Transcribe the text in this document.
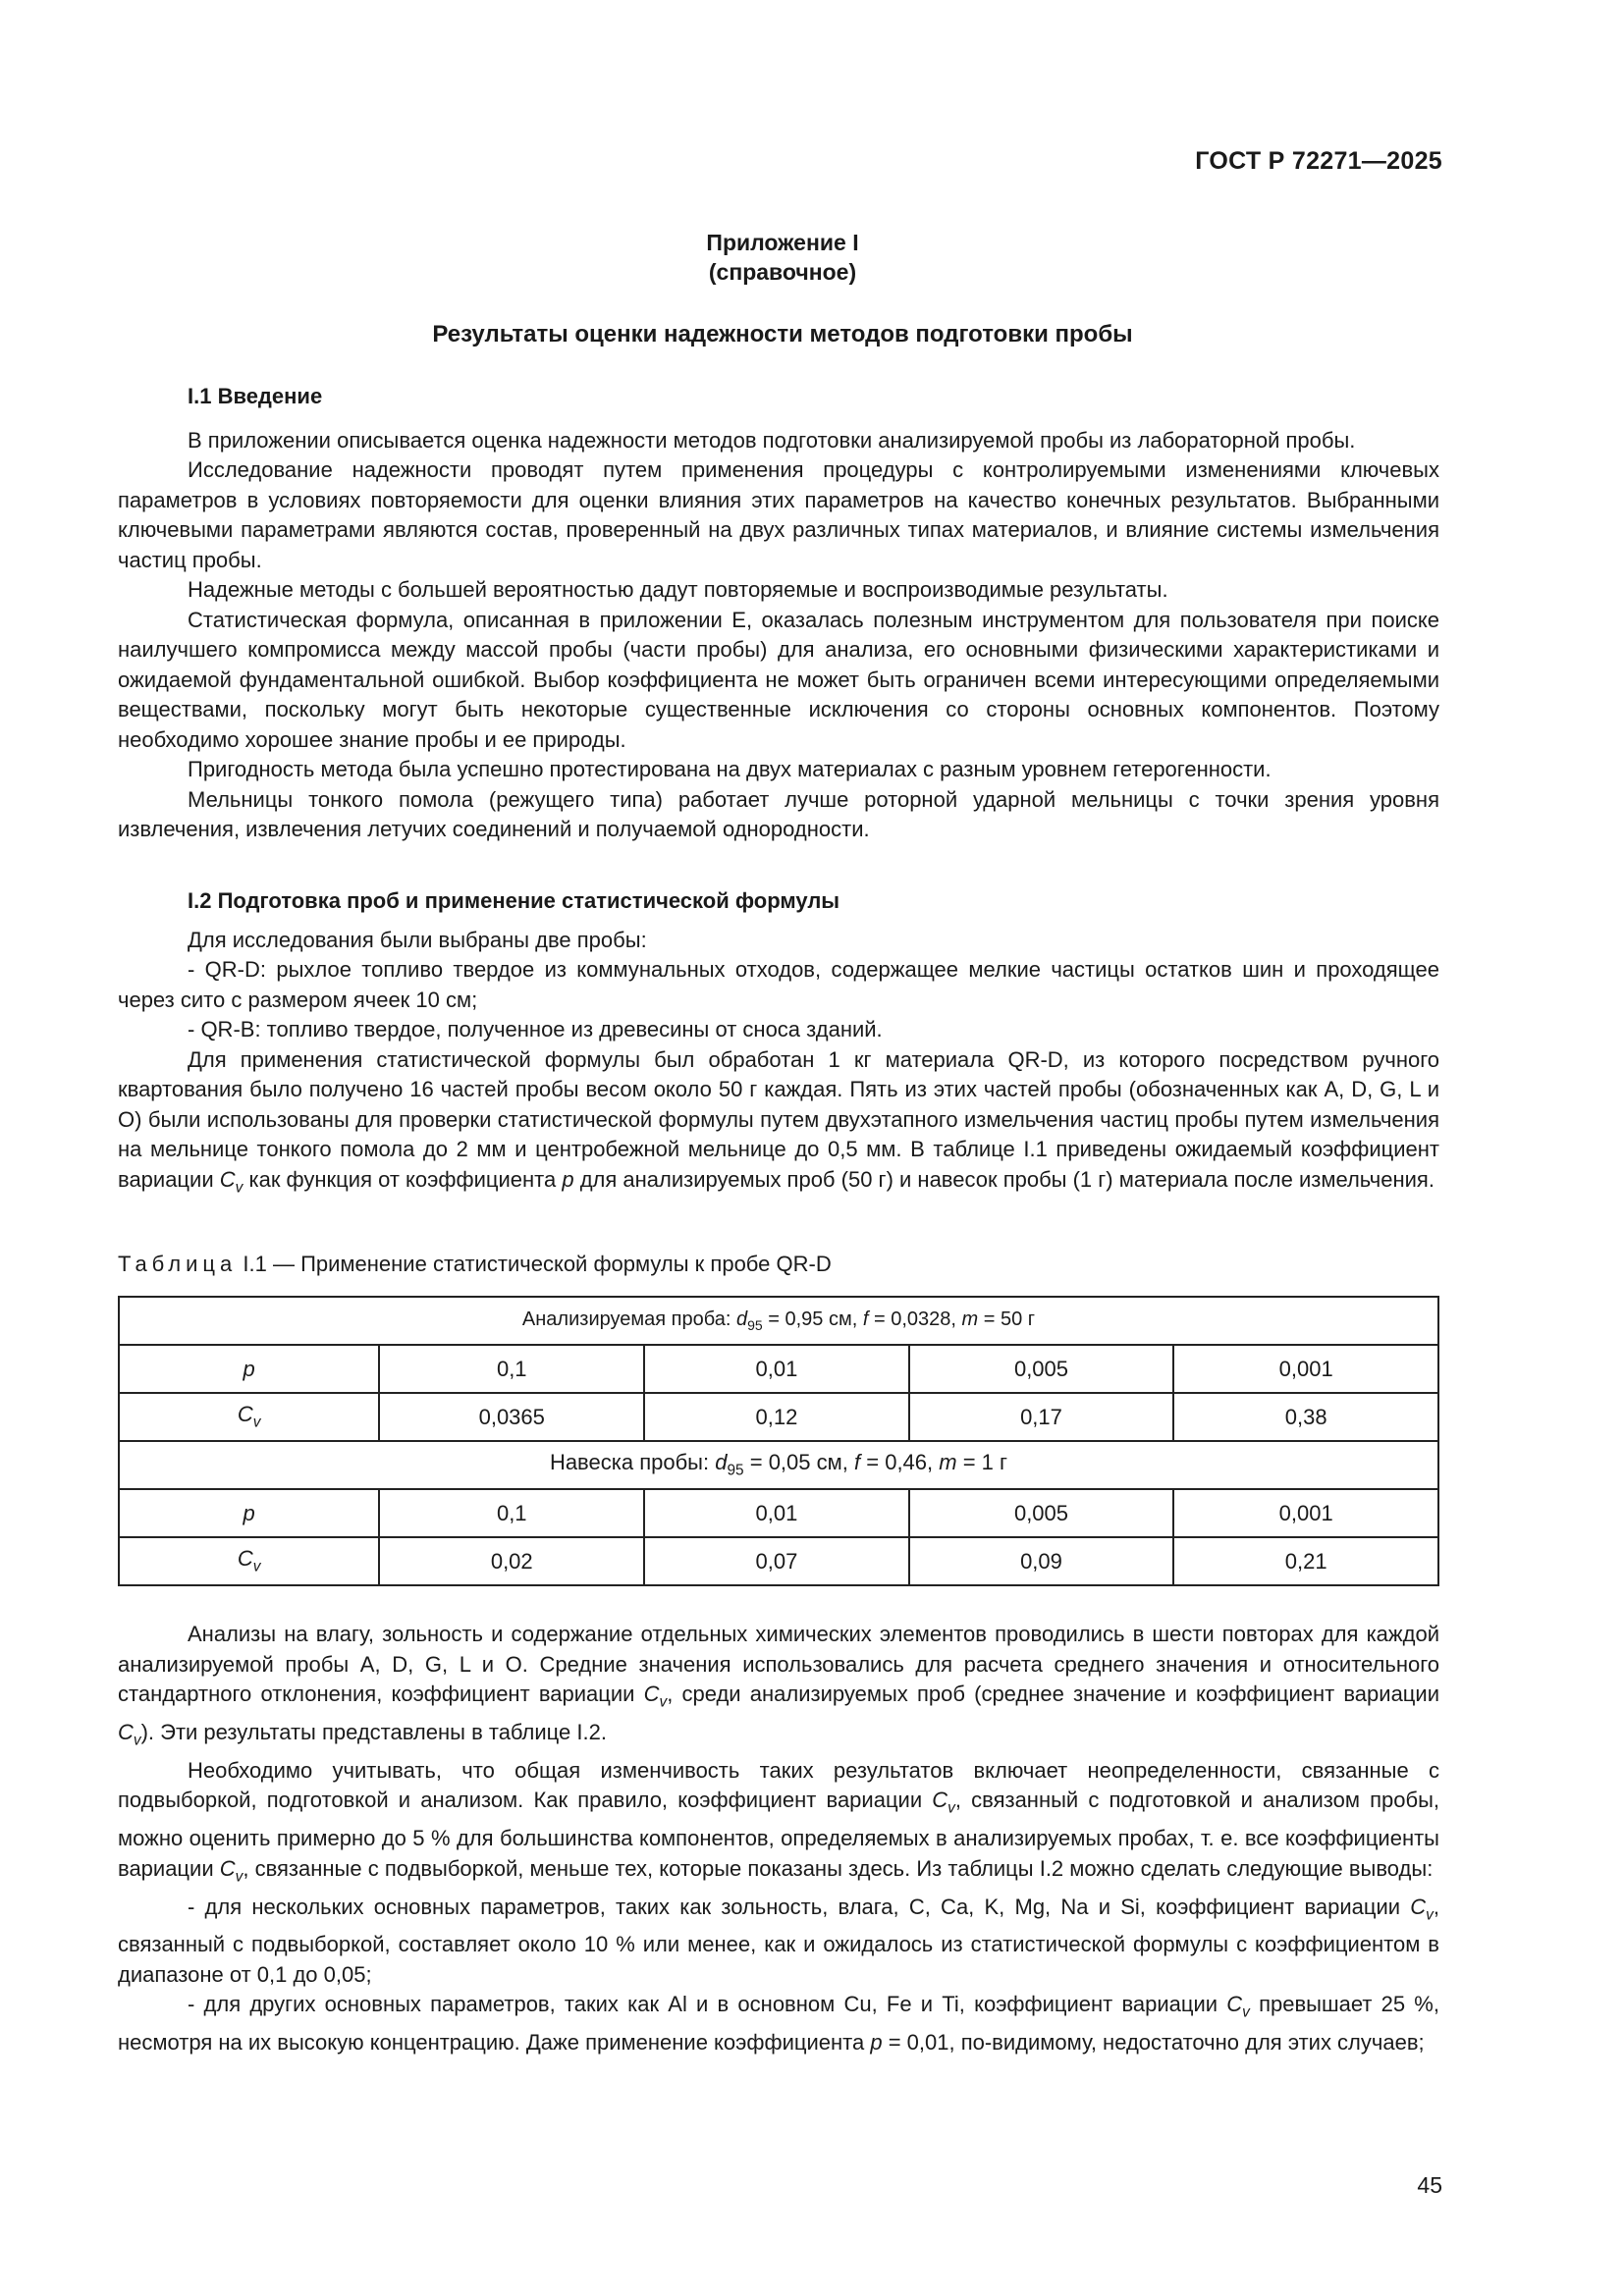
ГОСТ Р 72271—2025
Приложение I
(справочное)
Результаты оценки надежности методов подготовки пробы

I.1 Введение

В приложении описывается оценка надежности методов подготовки анализируемой пробы из лабораторной пробы.

Исследование надежности проводят путем применения процедуры с контролируемыми изменениями ключевых параметров в условиях повторяемости для оценки влияния этих параметров на качество конечных результатов. Выбранными ключевыми параметрами являются состав, проверенный на двух различных типах материалов, и влияние системы измельчения частиц пробы.

Надежные методы с большей вероятностью дадут повторяемые и воспроизводимые результаты.

Статистическая формула, описанная в приложении E, оказалась полезным инструментом для пользователя при поиске наилучшего компромисса между массой пробы (части пробы) для анализа, его основными физическими характеристиками и ожидаемой фундаментальной ошибкой. Выбор коэффициента не может быть ограничен всеми интересующими определяемыми веществами, поскольку могут быть некоторые существенные исключения со стороны основных компонентов. Поэтому необходимо хорошее знание пробы и ее природы.

Пригодность метода была успешно протестирована на двух материалах с разным уровнем гетерогенности.

Мельницы тонкого помола (режущего типа) работает лучше роторной ударной мельницы с точки зрения уровня извлечения, извлечения летучих соединений и получаемой однородности.

I.2 Подготовка проб и применение статистической формулы

Для исследования были выбраны две пробы:

- QR-D: рыхлое топливо твердое из коммунальных отходов, содержащее мелкие частицы остатков шин и проходящее через сито с размером ячеек 10 см;

- QR-B: топливо твердое, полученное из древесины от сноса зданий.

Для применения статистической формулы был обработан 1 кг материала QR-D, из которого посредством ручного квартования было получено 16 частей пробы весом около 50 г каждая. Пять из этих частей пробы (обозначенных как A, D, G, L и O) были использованы для проверки статистической формулы путем двухэтапного измельчения частиц пробы путем измельчения на мельнице тонкого помола до 2 мм и центробежной мельнице до 0,5 мм. В таблице I.1 приведены ожидаемый коэффициент вариации $C_v$ как функция от коэффициента p для анализируемых проб (50 г) и навесок пробы (1 г) материала после измельчения.

Таблица I.1 — Применение статистической формулы к пробе QR-D
Анализируемая проба: $d_{95} = 0,95$ см, f = 0,0328, m = 50 г				
p	0,1	0,01	0,005	0,001
$C_v$	0,0365	0,12	0,17	0,38
Навеска пробы: $d_{95} = 0,05$ см, f = 0,46, m = 1 г				
p	0,1	0,01	0,005	0,001
$C_v$	0,02	0,07	0,09	0,21

Анализы на влагу, зольность и содержание отдельных химических элементов проводились в шести повторах для каждой анализируемой пробы A, D, G, L и O. Средние значения использовались для расчета среднего значения и относительного стандартного отклонения, коэффициент вариации $C_v$, среди анализируемых проб (среднее значение и коэффициент вариации $C_v$). Эти результаты представлены в таблице I.2.

Необходимо учитывать, что общая изменчивость таких результатов включает неопределенности, связанные с подвыборкой, подготовкой и анализом. Как правило, коэффициент вариации $C_v$, связанный с подготовкой и анализом пробы, можно оценить примерно до 5 % для большинства компонентов, определяемых в анализируемых пробах, т. е. все коэффициенты вариации $C_v$, связанные с подвыборкой, меньше тех, которые показаны здесь. Из таблицы I.2 можно сделать следующие выводы:

- для нескольких основных параметров, таких как зольность, влага, C, Ca, K, Mg, Na и Si, коэффициент вариации $C_v$, связанный с подвыборкой, составляет около 10 % или менее, как и ожидалось из статистической формулы с коэффициентом в диапазоне от 0,1 до 0,05;

- для других основных параметров, таких как Al и в основном Cu, Fe и Ti, коэффициент вариации $C_v$ превышает 25 %, несмотря на их высокую концентрацию. Даже применение коэффициента p = 0,01, по-видимому, недостаточно для этих случаев;

45
